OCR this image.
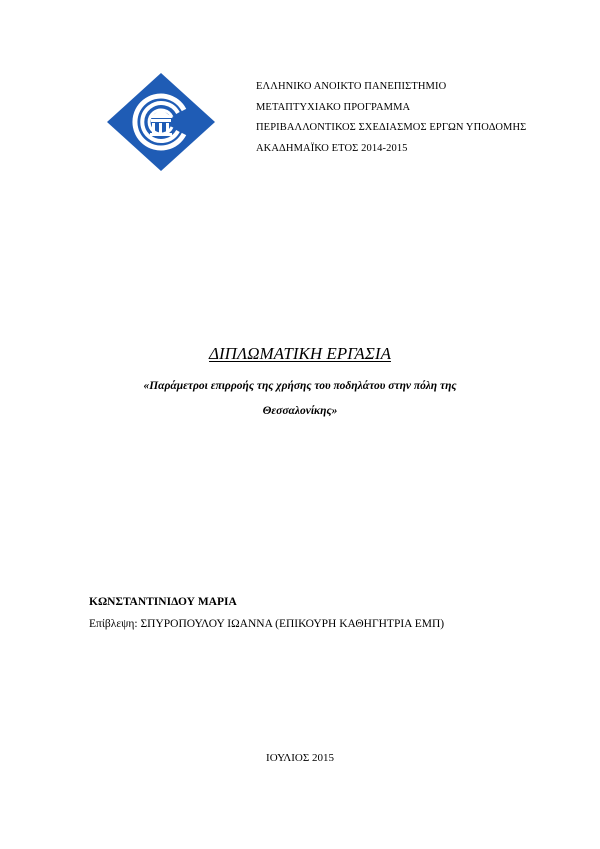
ΕΛΛΗΝΙΚΟ ΑΝΟΙΚΤΟ ΠΑΝΕΠΙΣΤΗΜΙΟ
ΜΕΤΑΠΤΥΧΙΑΚΟ ΠΡΟΓΡΑΜΜΑ
ΠΕΡΙΒΑΛΛΟΝΤΙΚΟΣ ΣΧΕΔΙΑΣΜΟΣ ΕΡΓΩΝ ΥΠΟΔΟΜΗΣ
ΑΚΑΔΗΜΑΪΚΟ ΕΤΟΣ 2014-2015
ΔΙΠΛΩΜΑΤΙΚΗ ΕΡΓΑΣΙΑ
«Παράμετροι επιρροής της χρήσης του ποδηλάτου στην πόλη της
Θεσσαλονίκης»
ΚΩΝΣΤΑΝΤΙΝΙΔΟΥ ΜΑΡΙΑ
Επίβλεψη: ΣΠΥΡΟΠΟΥΛΟΥ ΙΩΑΝΝΑ (ΕΠΙΚΟΥΡΗ ΚΑΘΗΓΗΤΡΙΑ ΕΜΠ)
ΙΟΥΛΙΟΣ 2015
